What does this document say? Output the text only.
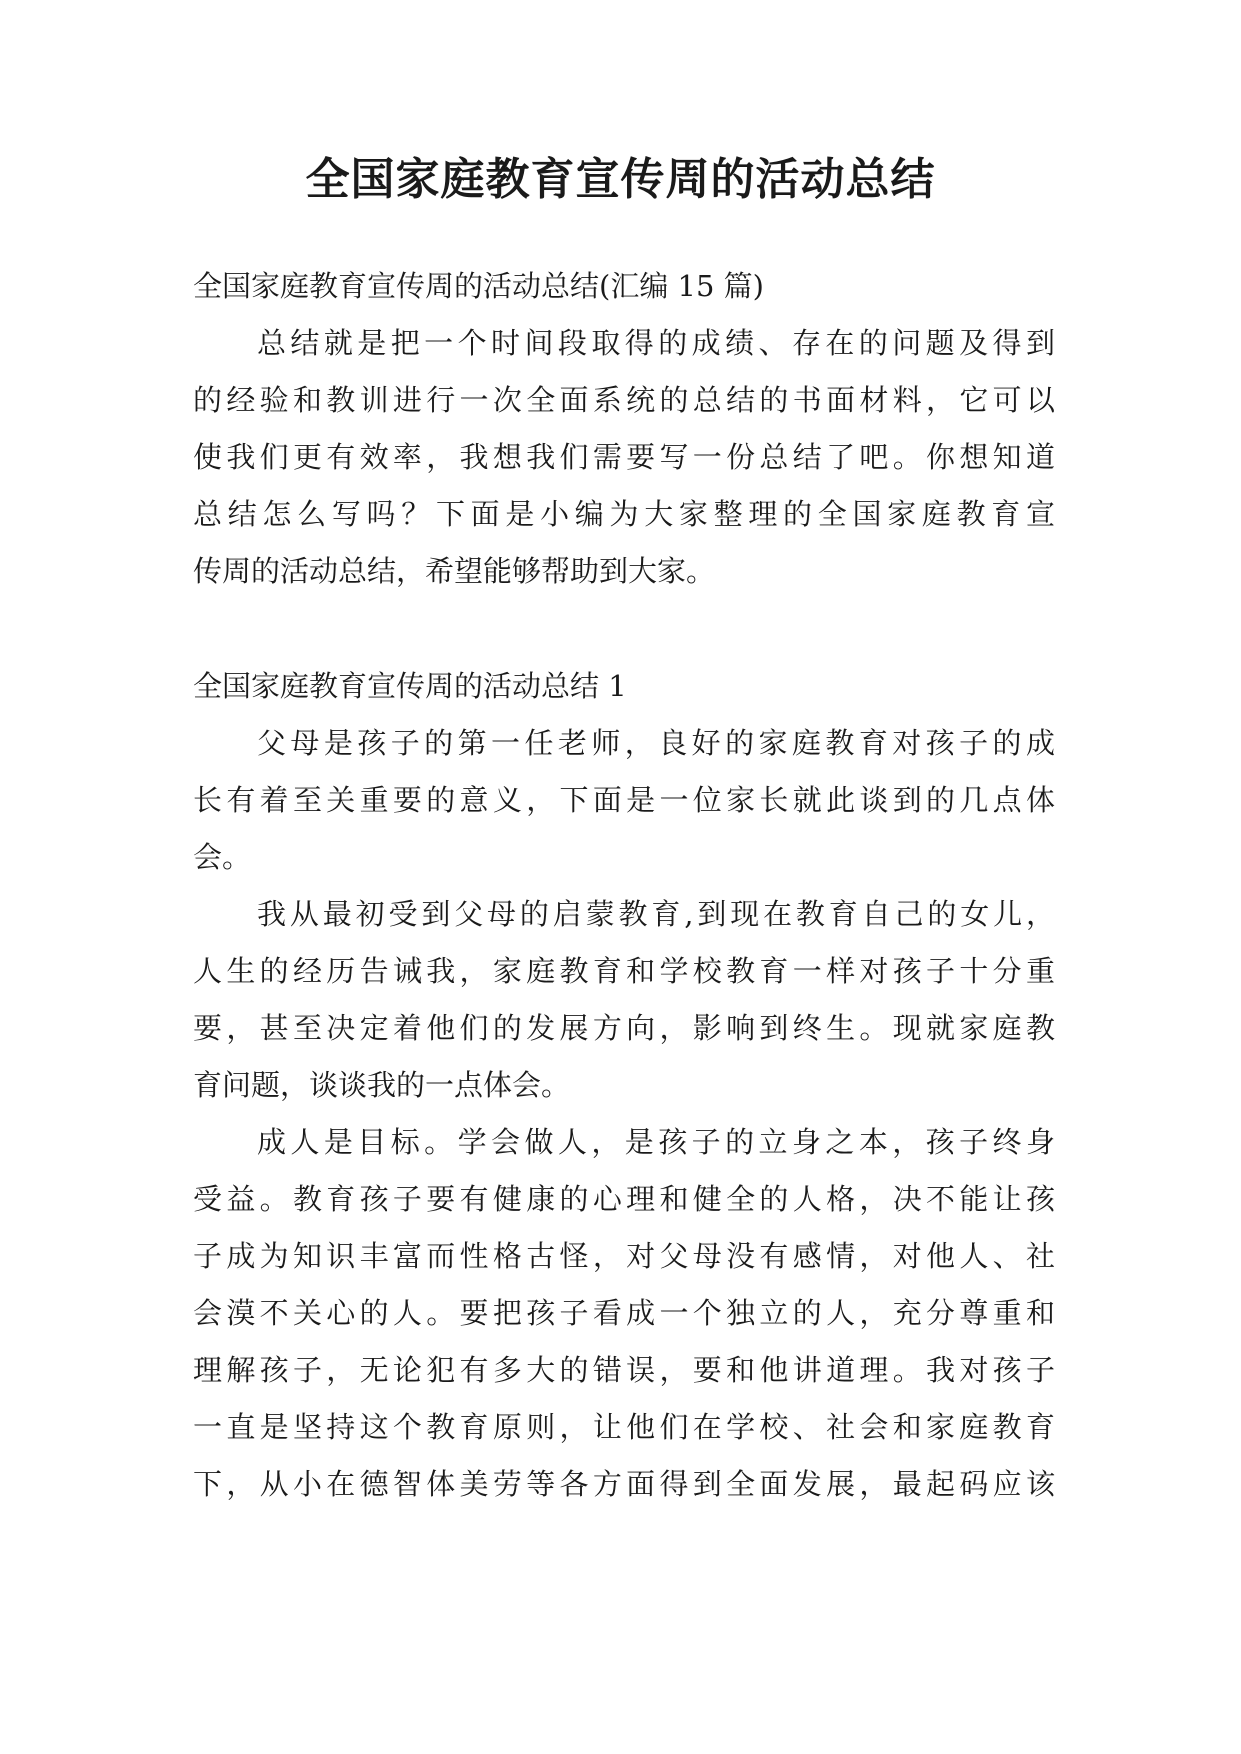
全国家庭教育宣传周的活动总结

全国家庭教育宣传周的活动总结(汇编 15 篇)

总结就是把一个时间段取得的成绩、存在的问题及得到

的经验和教训进行一次全面系统的总结的书面材料，它可以

使我们更有效率，我想我们需要写一份总结了吧。你想知道

总结怎么写吗？下面是小编为大家整理的全国家庭教育宣

传周的活动总结，希望能够帮助到大家。

全国家庭教育宣传周的活动总结 1

父母是孩子的第一任老师，良好的家庭教育对孩子的成

长有着至关重要的意义，下面是一位家长就此谈到的几点体

会。

我从最初受到父母的启蒙教育,到现在教育自己的女儿，

人生的经历告诫我，家庭教育和学校教育一样对孩子十分重

要，甚至决定着他们的发展方向，影响到终生。现就家庭教

育问题，谈谈我的一点体会。

成人是目标。学会做人，是孩子的立身之本，孩子终身

受益。教育孩子要有健康的心理和健全的人格，决不能让孩

子成为知识丰富而性格古怪，对父母没有感情，对他人、社

会漠不关心的人。要把孩子看成一个独立的人，充分尊重和

理解孩子，无论犯有多大的错误，要和他讲道理。我对孩子

一直是坚持这个教育原则，让他们在学校、社会和家庭教育

下，从小在德智体美劳等各方面得到全面发展，最起码应该
